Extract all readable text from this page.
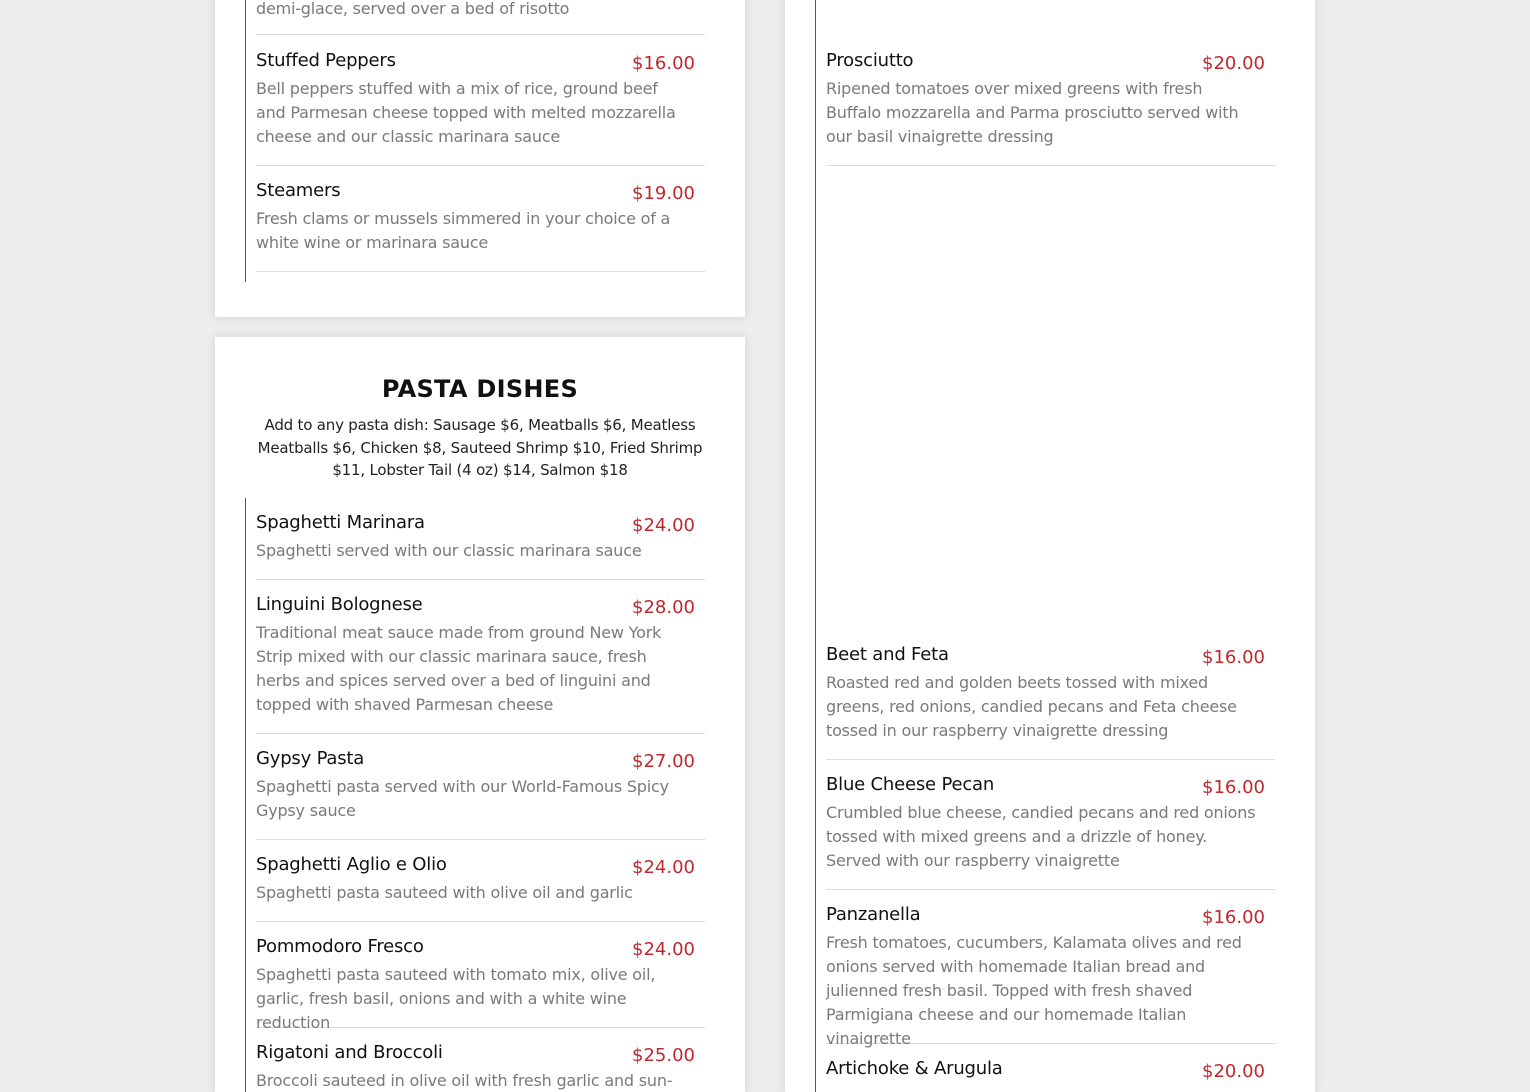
demi-glace, served over a bed of risotto
Stuffed Peppers	$16.00
Bell peppers stuffed with a mix of rice, ground beef and Parmesan cheese topped with melted mozzarella cheese and our classic marinara sauce
Steamers	$19.00
Fresh clams or mussels simmered in your choice of a white wine or marinara sauce
PASTA DISHES
Add to any pasta dish: Sausage $6, Meatballs $6, Meatless Meatballs $6, Chicken $8, Sauteed Shrimp $10, Fried Shrimp $11, Lobster Tail (4 oz) $14, Salmon $18
Spaghetti Marinara	$24.00
Spaghetti served with our classic marinara sauce
Linguini Bolognese	$28.00
Traditional meat sauce made from ground New York Strip mixed with our classic marinara sauce, fresh herbs and spices served over a bed of linguini and topped with shaved Parmesan cheese
Gypsy Pasta	$27.00
Spaghetti pasta served with our World-Famous Spicy Gypsy sauce
Spaghetti Aglio e Olio	$24.00
Spaghetti pasta sauteed with olive oil and garlic
Pommodoro Fresco	$24.00
Spaghetti pasta sauteed with tomato mix, olive oil, garlic, fresh basil, onions and with a white wine reduction
Rigatoni and Broccoli	$25.00
Broccoli sauteed in olive oil with fresh garlic and sun-
Prosciutto	$20.00
Ripened tomatoes over mixed greens with fresh Buffalo mozzarella and Parma prosciutto served with our basil vinaigrette dressing
Beet and Feta	$16.00
Roasted red and golden beets tossed with mixed greens, red onions, candied pecans and Feta cheese tossed in our raspberry vinaigrette dressing
Blue Cheese Pecan	$16.00
Crumbled blue cheese, candied pecans and red onions tossed with mixed greens and a drizzle of honey. Served with our raspberry vinaigrette
Panzanella	$16.00
Fresh tomatoes, cucumbers, Kalamata olives and red onions served with homemade Italian bread and julienned fresh basil. Topped with fresh shaved Parmigiana cheese and our homemade Italian vinaigrette
Artichoke & Arugula	$20.00
